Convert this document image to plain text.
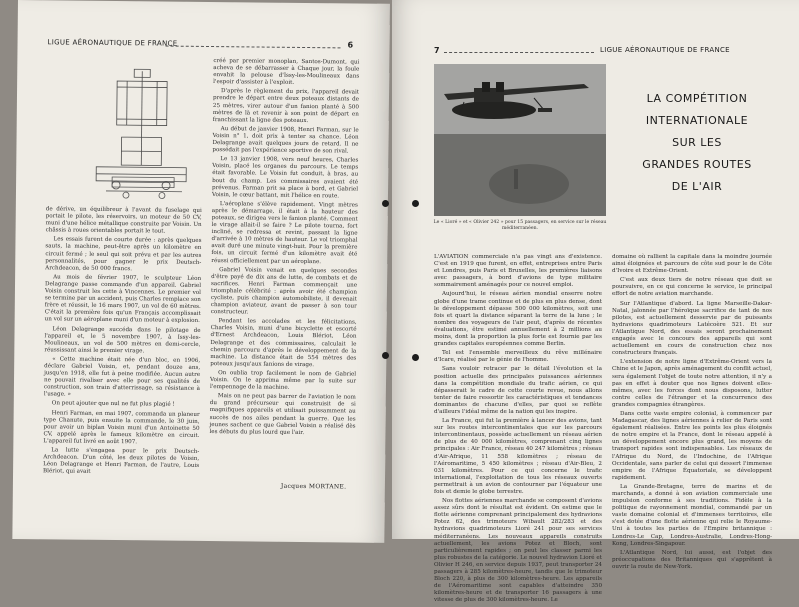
LIGUE AÉRONAUTIQUE DE FRANCE	6

de dérive, un équilibreur à l'avant du fuselage qui portait le pilote, les réservoirs, un moteur de 50 CV, muni d'une hélice métallique construite par Voisin. Un châssis à roues orientables portait le tout.

Les essais furent de courte durée : après quelques sauts, la machine, peut-être après un kilomètre en circuit fermé ; le seul qui soit prévu et par les autres personnalités, pour gagner le prix Deutsch-Archdeacon, de 50 000 francs.

Au mois de février 1907, le sculpteur Léon Delagrange passe commande d'un appareil. Gabriel Voisin construit les cette à Vincennes. Le premier vol se termine par un accident, puis Charles remplace son frère et réussit, le 16 mars 1907, un vol de 60 mètres. C'était la première fois qu'un Français accomplissait un vol sur un aéroplane muni d'un moteur à explosion.

Léon Delagrange succéda dans le pilotage de l'appareil et, le 5 novembre 1907, à Issy-les-Moulineaux, un vol de 500 mètres en demi-cercle, réussissant ainsi le premier virage.

« Cette machine était née d'un bloc, en 1906, déclare Gabriel Voisin, et, pendant douze ans, jusqu'en 1918, elle fut à peine modifiée. Aucun autre ne pouvait rivaliser avec elle pour ses qualités de construction, son train d'atterrissage, sa résistance à l'usage. »

On peut ajouter que nul ne fut plus plagié !

Henri Farman, en mai 1907, commanda un planeur type Chanute, puis ensuite la commande, le 30 juin, pour avoir un biplan Voisin muni d'un Antoinette 50 CV, appelé après le fameux kilomètre en circuit. L'appareil fut livré en août 1907.

La lutte s'engagea pour le prix Deutsch-Archdeacon. D'un côté, les deux pilotes de Voisin, Léon Delagrange et Henri Farman, de l'autre, Louis Blériot, qui avait

créé par premier monoplan, Santos-Dumont, qui acheva de se débarrasser à Chaque jour, la foule envahit la pelouse d'Issy-les-Moulineaux dans l'espoir d'assister à l'exploit.

D'après le règlement du prix, l'appareil devait prendre le départ entre deux poteaux distants de 25 mètres, virer autour d'un fanion planté à 500 mètres de là et revenir à son point de départ en franchissant la ligne des poteaux.

Au début de janvier 1908, Henri Farman, sur le Voisin n° 1, doit prix à tenter sa chance. Léon Delagrange avait quelques jours de retard. Il ne possédait pas l'expérience sportive de son rival.

Le 13 janvier 1908, vers neuf heures, Charles Voisin, placé les organes du parcours. Le temps était favorable. Le Voisin fut conduit, à bras, au bout du champ. Les commissaires avaient été prévenus. Farman prit sa place à bord, et Gabriel Voisin, le cœur battant, mit l'hélice en route.

L'aéroplane s'élève rapidement. Vingt mètres après le démarrage, il était à la hauteur des poteaux, se dirigea vers le fanion planté. Comment le virage allait-il se faire ? Le pilote tourna, fort incliné, se redressa et revint, passant la ligne d'arrivée à 10 mètres de hauteur. Le vol triomphal avait duré une minute vingt-huit. Pour la première fois, un circuit fermé d'un kilomètre avait été réussi officiellement par un aéroplane.

Gabriel Voisin venait en quelques secondes d'être payé de dix ans de lutte, de combats et de sacrifices. Henri Farman commençait une triomphale célébrité : après avoir été champion cycliste, puis champion automobiliste, il devenait champion aviateur, avant de passer à son tour constructeur.

Pendant les accolades et les félicitations, Charles Voisin, muni d'une bicyclette et escorté d'Ernest Archdeacon, Louis Blériot, Léon Delagrange et des commissaires, calculait le chemin parcouru d'après le développement de la machine. La distance était de 554 mètres des poteaux jusqu'aux fanions de virage.

On oublia trop facilement le nom de Gabriel Voisin. On le apprima même par la suite sur l'empennage de la machine.

Mais on ne peut pas barrer de l'aviation le nom du grand précurseur qui construisit de si magnifiques appareils et utilisait puissamment au succès de nos ailes pendant la guerre. Que les jeunes sachent ce que Gabriel Voisin a réalisé dès les débuts du plus lourd que l'air.

Jacques MORTANE.
7	LIGUE AÉRONAUTIQUE DE FRANCE
Le « Lioré » et « Olivier 242 » pour 15 passagers, en service sur le réseau méditerranéen.
LA COMPÉTITION
INTERNATIONALE
SUR LES
GRANDES ROUTES
DE L'AIR

L'AVIATION commerciale n'a pas vingt ans d'existence. C'est en 1919 que furent, en effet, entreprises entre Paris et Londres, puis Paris et Bruxelles, les premières liaisons avec passagers, à bord d'avions de type militaire sommairement aménagés pour ce nouvel emploi.

Aujourd'hui, le réseau aérien mondial enserre notre globe d'une trame continue et de plus en plus dense, dont le développement dépasse 500 000 kilomètres, soit une fois et quart la distance séparant la terre de la lune ; le nombre des voyageurs de l'air peut, d'après de récentes évaluations, être estimé annuellement à 2 millions au moins, dont la proportion la plus forte est fournie par les grandes capitales européennes comme Berlin.

Tel est l'ensemble merveilleux du rêve millénaire d'Icare, réalisé par le génie de l'homme.

Sans vouloir retracer par le détail l'évolution et la position actuelle des principales puissances aériennes dans la compétition mondiale du trafic aérien, ce qui dépasserait le cadre de cette courte revue, nous allons tenter de faire ressortir les caractéristiques et tendances dominantes de chacune d'elles, par quoi se reflète d'ailleurs l'idéal même de la nation qui les inspire.

La France, qui fut la première à lancer des avions, tant sur les routes intercontinentales que sur les parcours intercontinentaux, possède actuellement un réseau aérien de plus de 40 000 kilomètres, comprenant cinq lignes principales : Air France, réseau 40 247 kilomètres ; réseau d'Air-Afrique, 11 558 kilomètres ; réseau de l'Aéromaritime, 5 450 kilomètres ; réseau d'Air-Bleu, 2 031 kilomètres. Pour ce qui concerne le trafic international, l'exploitation de tous les réseaux ouverts permettrait à un avion de contourner par l'équateur une fois et demie le globe terrestre.

Nos flottes aériennes marchande se composent d'avions assez sûrs dont le résultat est évident. On estime que le flotte aérienne comprenant principalement des hydravions Potez 62, des trimoteurs Wibault 282/283 et des hydravions quadrimoteurs Lioré 241 pour ses services méditerranéens. Les nouveaux appareils construits actuellement, les avions Potez et Bloch, sont particulièrement rapides ; on peut les classer parmi les plus robustes de la catégorie. Le nouvel hydravion Lioré et Olivier H 246, en service depuis 1937, peut transporter 24 passagers à 285 kilomètres-heure, tandis que le trimoteur Bloch 220, à plus de 300 kilomètres-heure. Les appareils de l'Aéromaritime sont capables d'atteindre 350 kilomètres-heure et de transporter 16 passagers à une vitesse de plus de 300 kilomètres-heure. Le

domaine où rallient la capitale dans la moindre journée ainsi éloignées et parcours de côte sud pour le de Côte d'Ivoire et Extrême-Orient.

C'est aux deux tiers de notre réseau que doit se poursuivre, en ce qui concerne le service, le principal effort de notre aviation marchande.

Sur l'Atlantique d'abord. La ligne Marseille-Dakar-Natal, jalonnée par l'héroïque sacrifice de tant de nos pilotes, est actuellement desservie par de puissants hydravions quadrimoteurs Latécoère 521. Et sur l'Atlantique Nord, des essais seront prochainement engagés avec le concours des appareils qui sont actuellement en cours de construction chez nos constructeurs français.

L'extension de notre ligne d'Extrême-Orient vers la Chine et le Japon, après aménagement du conflit actuel, sera également l'objet de toute notre attention, il n'y a pas en effet à douter que nos lignes doivent elles-mêmes, avec les forces dont nous disposons, lutter contre celles de l'étranger et la concurrence des grandes compagnies étrangères.

Dans cette vaste empire colonial, à commencer par Madagascar, des lignes aériennes à relier de Paris sont également réalisées. Entre les points les plus éloignés de notre empire et la France, dont le réseau appelé à un développement encore plus grand, les moyens de transport rapides sont indispensables. Les réseaux de l'Afrique du Nord, de l'Indochine, de l'Afrique Occidentale, sans parler de celui qui dessert l'immense empire de l'Afrique Équatoriale, se développent rapidement.

La Grande-Bretagne, terre de marins et de marchands, a donné à son aviation commerciale une impulsion conforme à ses traditions. Fidèle à la politique de rayonnement mondial, commandé par un vaste domaine colonial et d'immenses territoires, elle s'est dotée d'une flotte aérienne qui relie le Royaume-Uni à toutes les parties de l'Empire britannique : Londres-Le Cap, Londres-Australie, Londres-Hong-Kong, Londres-Singapour.

L'Atlantique Nord, lui aussi, est l'objet des préoccupations des Britanniques qui s'apprêtent à ouvrir la route de New-York.
